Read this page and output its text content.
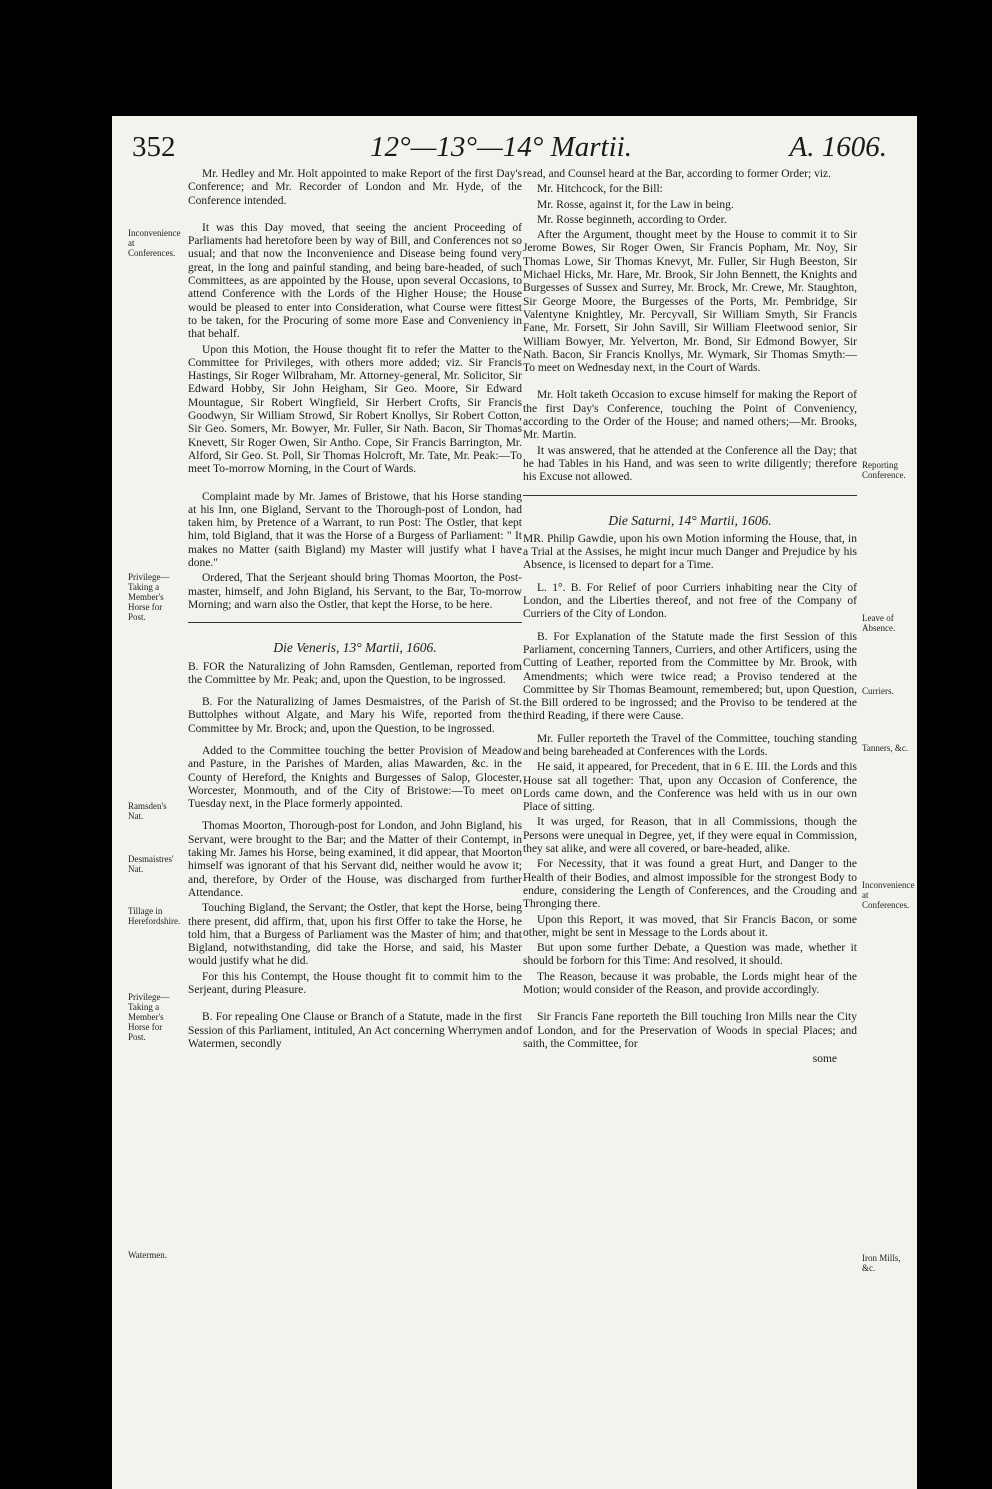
352	12°—13°—14° Martii.	A. 1606.
Inconvenience at Conferences.
Privilege—Taking a Member's Horse for Post.
Ramsden's Nat.
Desmaistres' Nat.
Tillage in Herefordshire.
Privilege—Taking a Member's Horse for Post.
Watermen.
Reporting Conference.
Leave of Absence.
Curriers.
Tanners, &c.
Inconvenience at Conferences.
Iron Mills, &c.

Mr. Hedley and Mr. Holt appointed to make Report of the first Day's Conference; and Mr. Recorder of London and Mr. Hyde, of the Conference intended.

It was this Day moved, that seeing the ancient Proceeding of Parliaments had heretofore been by way of Bill, and Conferences not so usual; and that now the Inconvenience and Disease being found very great, in the long and painful standing, and being bare-headed, of such Committees, as are appointed by the House, upon several Occasions, to attend Conference with the Lords of the Higher House; the House would be pleased to enter into Consideration, what Course were fittest to be taken, for the Procuring of some more Ease and Conveniency in that behalf.

Upon this Motion, the House thought fit to refer the Matter to the Committee for Privileges, with others more added; viz. Sir Francis Hastings, Sir Roger Wilbraham, Mr. Attorney-general, Mr. Solicitor, Sir Edward Hobby, Sir John Heigham, Sir Geo. Moore, Sir Edward Mountague, Sir Robert Wingfield, Sir Herbert Crofts, Sir Francis Goodwyn, Sir William Strowd, Sir Robert Knollys, Sir Robert Cotton, Sir Geo. Somers, Mr. Bowyer, Mr. Fuller, Sir Nath. Bacon, Sir Thomas Knevett, Sir Roger Owen, Sir Antho. Cope, Sir Francis Barrington, Mr. Alford, Sir Geo. St. Poll, Sir Thomas Holcroft, Mr. Tate, Mr. Peak:—To meet To-morrow Morning, in the Court of Wards.

Complaint made by Mr. James of Bristowe, that his Horse standing at his Inn, one Bigland, Servant to the Thorough-post of London, had taken him, by Pretence of a Warrant, to run Post: The Ostler, that kept him, told Bigland, that it was the Horse of a Burgess of Parliament: " It makes no Matter (saith Bigland) my Master will justify what I have done."

Ordered, That the Serjeant should bring Thomas Moorton, the Post-master, himself, and John Bigland, his Servant, to the Bar, To-morrow Morning; and warn also the Ostler, that kept the Horse, to be here.

Die Veneris, 13° Martii, 1606.

B. FOR the Naturalizing of John Ramsden, Gentleman, reported from the Committee by Mr. Peak; and, upon the Question, to be ingrossed.

B. For the Naturalizing of James Desmaistres, of the Parish of St. Buttolphes without Algate, and Mary his Wife, reported from the Committee by Mr. Brock; and, upon the Question, to be ingrossed.

Added to the Committee touching the better Provision of Meadow and Pasture, in the Parishes of Marden, alias Mawarden, &c. in the County of Hereford, the Knights and Burgesses of Salop, Glocester, Worcester, Monmouth, and of the City of Bristowe:—To meet on Tuesday next, in the Place formerly appointed.

Thomas Moorton, Thorough-post for London, and John Bigland, his Servant, were brought to the Bar; and the Matter of their Contempt, in taking Mr. James his Horse, being examined, it did appear, that Moorton himself was ignorant of that his Servant did, neither would he avow it; and, therefore, by Order of the House, was discharged from further Attendance.

Touching Bigland, the Servant; the Ostler, that kept the Horse, being there present, did affirm, that, upon his first Offer to take the Horse, he told him, that a Burgess of Parliament was the Master of him; and that Bigland, notwithstanding, did take the Horse, and said, his Master would justify what he did.

For this his Contempt, the House thought fit to commit him to the Serjeant, during Pleasure.

B. For repealing One Clause or Branch of a Statute, made in the first Session of this Parliament, intituled, An Act concerning Wherrymen and Watermen, secondly

read, and Counsel heard at the Bar, according to former Order; viz.

Mr. Hitchcock, for the Bill:

Mr. Rosse, against it, for the Law in being.

Mr. Rosse beginneth, according to Order.

After the Argument, thought meet by the House to commit it to Sir Jerome Bowes, Sir Roger Owen, Sir Francis Popham, Mr. Noy, Sir Thomas Lowe, Sir Thomas Knevyt, Mr. Fuller, Sir Hugh Beeston, Sir Michael Hicks, Mr. Hare, Mr. Brook, Sir John Bennett, the Knights and Burgesses of Sussex and Surrey, Mr. Brock, Mr. Crewe, Mr. Staughton, Sir George Moore, the Burgesses of the Ports, Mr. Pembridge, Sir Valentyne Knightley, Mr. Percyvall, Sir William Smyth, Sir Francis Fane, Mr. Forsett, Sir John Savill, Sir William Fleetwood senior, Sir William Bowyer, Mr. Yelverton, Mr. Bond, Sir Edmond Bowyer, Sir Nath. Bacon, Sir Francis Knollys, Mr. Wymark, Sir Thomas Smyth:—To meet on Wednesday next, in the Court of Wards.

Mr. Holt taketh Occasion to excuse himself for making the Report of the first Day's Conference, touching the Point of Conveniency, according to the Order of the House; and named others;—Mr. Brooks, Mr. Martin.

It was answered, that he attended at the Conference all the Day; that he had Tables in his Hand, and was seen to write diligently; therefore his Excuse not allowed.

Die Saturni, 14° Martii, 1606.

MR. Philip Gawdie, upon his own Motion informing the House, that, in a Trial at the Assises, he might incur much Danger and Prejudice by his Absence, is licensed to depart for a Time.

L. 1°. B. For Relief of poor Curriers inhabiting near the City of London, and the Liberties thereof, and not free of the Company of Curriers of the City of London.

B. For Explanation of the Statute made the first Session of this Parliament, concerning Tanners, Curriers, and other Artificers, using the Cutting of Leather, reported from the Committee by Mr. Brook, with Amendments; which were twice read; a Proviso tendered at the Committee by Sir Thomas Beamount, remembered; but, upon Question, the Bill ordered to be ingrossed; and the Proviso to be tendered at the third Reading, if there were Cause.

Mr. Fuller reporteth the Travel of the Committee, touching standing and being bareheaded at Conferences with the Lords.

He said, it appeared, for Precedent, that in 6 E. III. the Lords and this House sat all together: That, upon any Occasion of Conference, the Lords came down, and the Conference was held with us in our own Place of sitting.

It was urged, for Reason, that in all Commissions, though the Persons were unequal in Degree, yet, if they were equal in Commission, they sat alike, and were all covered, or bare-headed, alike.

For Necessity, that it was found a great Hurt, and Danger to the Health of their Bodies, and almost impossible for the strongest Body to endure, considering the Length of Conferences, and the Crouding and Thronging there.

Upon this Report, it was moved, that Sir Francis Bacon, or some other, might be sent in Message to the Lords about it.

But upon some further Debate, a Question was made, whether it should be forborn for this Time: And resolved, it should.

The Reason, because it was probable, the Lords might hear of the Motion; would consider of the Reason, and provide accordingly.

Sir Francis Fane reporteth the Bill touching Iron Mills near the City of London, and for the Preservation of Woods in special Places; and saith, the Committee, for

some
